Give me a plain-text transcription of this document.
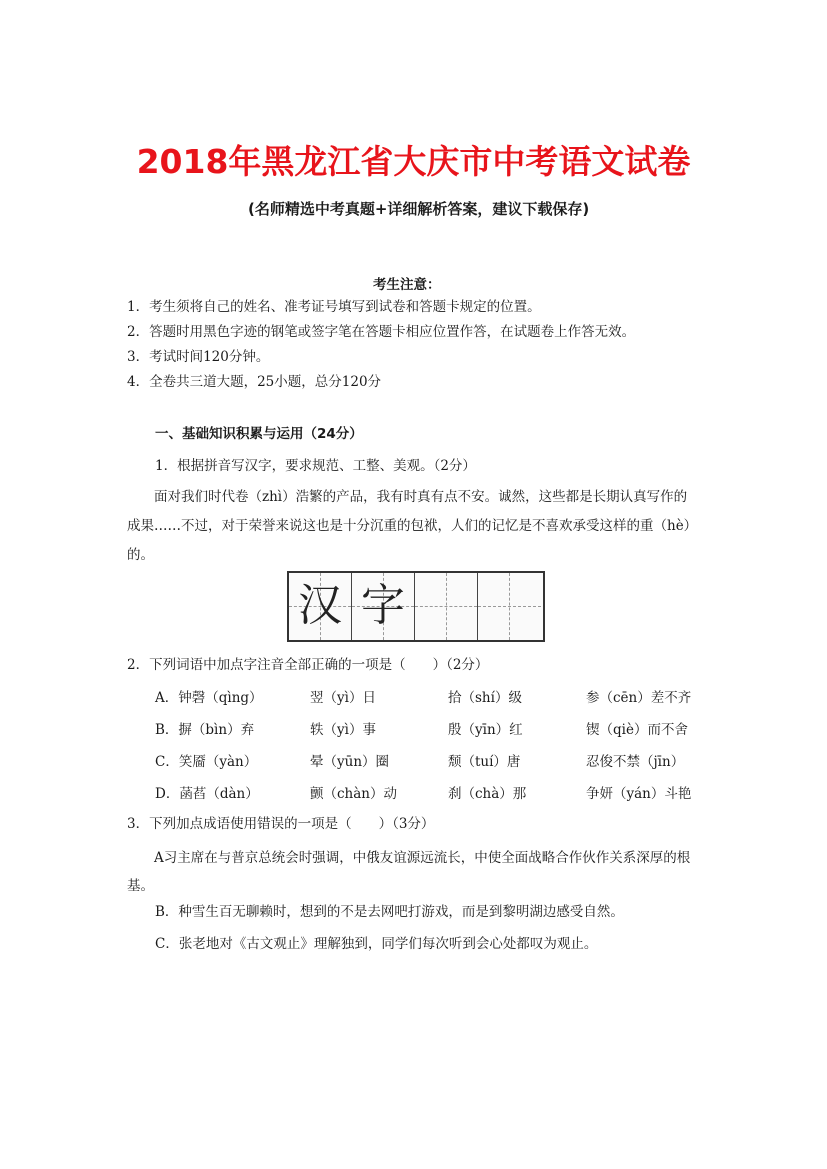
2018年黑龙江省大庆市中考语文试卷
(名师精选中考真题+详细解析答案，建议下载保存)
考生注意：
1．考生须将自己的姓名、准考证号填写到试卷和答题卡规定的位置。
2．答题时用黑色字迹的钢笔或签字笔在答题卡相应位置作答，在试题卷上作答无效。
3．考试时间120分钟。
4．全卷共三道大题，25小题，总分120分
一、基础知识积累与运用（24分）
1．根据拼音写汉字，要求规范、工整、美观。（2分）
面对我们时代卷（zhì）浩繁的产品，我有时真有点不安。诚然，这些都是长期认真写作的成果……不过，对于荣誉来说这也是十分沉重的包袱，人们的记忆是不喜欢承受这样的重（hè）的。
汉 字
2．下列词语中加点字注音全部正确的一项是（　　）（2分）
A．钟磬（qìng）	翌（yì）日	拾（shí）级	参（cēn）差不齐
B．摒（bìn）弃	轶（yì）事	殷（yīn）红	锲（qiè）而不舍
C．笑靥（yàn）	晕（yūn）圈	颓（tuí）唐	忍俊不禁（jīn）
D．菡萏（dàn）	颤（chàn）动	刹（chà）那	争妍（yán）斗艳
3．下列加点成语使用错误的一项是（　　）（3分）
A习主席在与普京总统会时强调，中俄友谊源远流长，中使全面战略合作伙作关系深厚的根基。
B．种雪生百无聊赖时，想到的不是去网吧打游戏，而是到黎明湖边感受自然。
C．张老地对《古文观止》理解独到，同学们每次听到会心处都叹为观止。
